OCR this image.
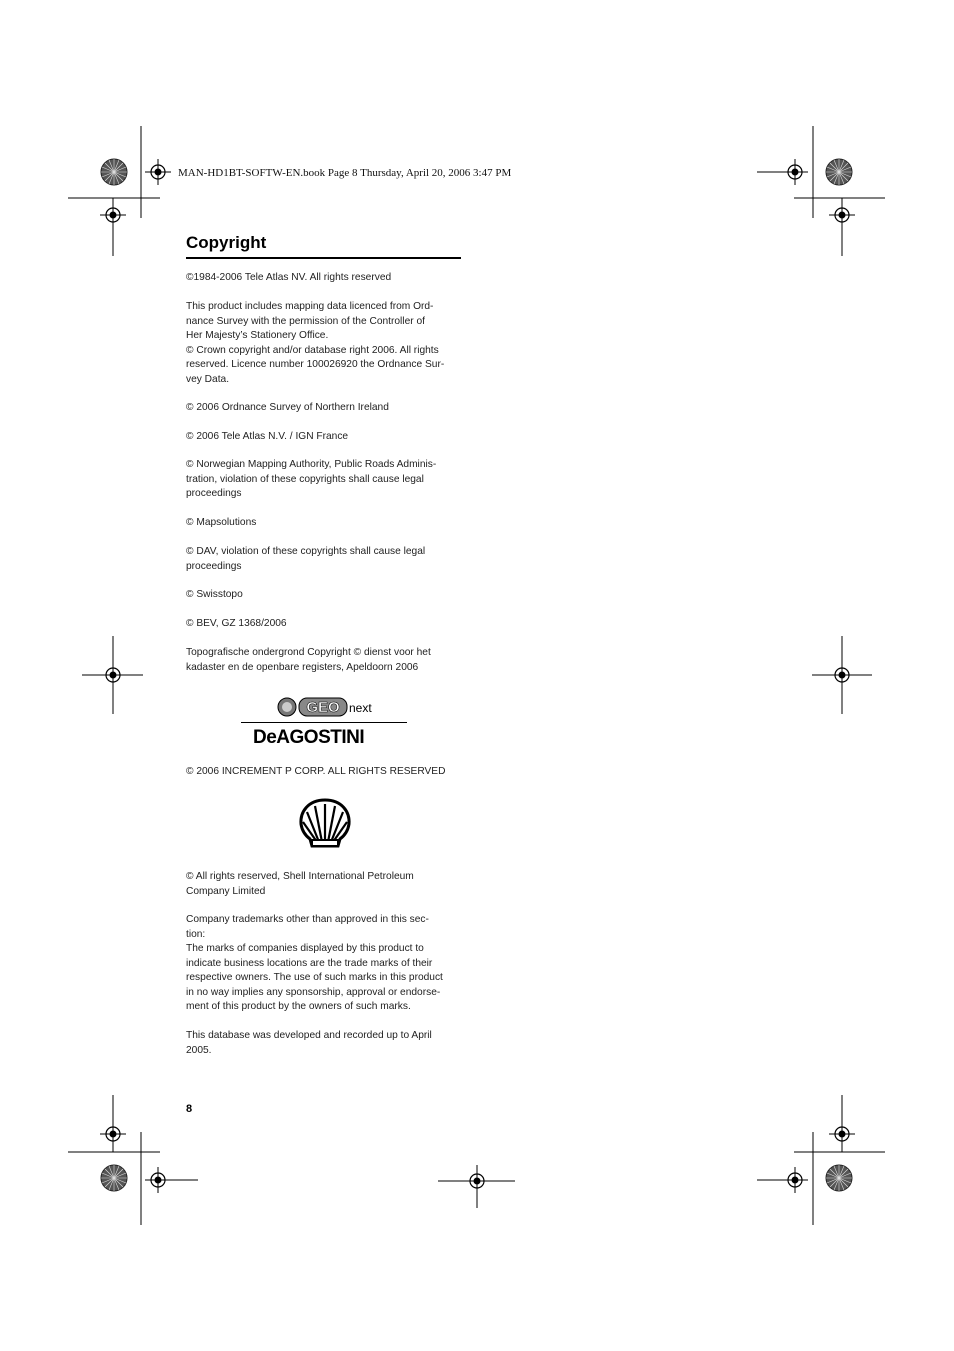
MAN-HD1BT-SOFTW-EN.book Page 8 Thursday, April 20, 2006 3:47 PM
Copyright

©1984-2006 Tele Atlas NV. All rights reserved

This product includes mapping data licenced from Ord-
nance Survey with the permission of the Controller of
Her Majesty’s Stationery Office.
© Crown copyright and/or database right 2006. All rights
reserved. Licence number 100026920 the Ordnance Sur-
vey Data.

© 2006 Ordnance Survey of Northern Ireland

© 2006 Tele Atlas N.V. / IGN France

© Norwegian Mapping Authority, Public Roads Adminis-
tration, violation of these copyrights shall cause legal
proceedings

© Mapsolutions

© DAV, violation of these copyrights shall cause legal
proceedings

© Swisstopo

© BEV, GZ 1368/2006

Topografische ondergrond Copyright © dienst voor het
kadaster en de openbare registers, Apeldoorn 2006

GEO next
DeAGOSTINI

© 2006 INCREMENT P CORP. ALL RIGHTS RESERVED

© All rights reserved, Shell International Petroleum
Company Limited

Company trademarks other than approved in this sec-
tion:
The marks of companies displayed by this product to
indicate business locations are the trade marks of their
respective owners. The use of such marks in this product
in no way implies any sponsorship, approval or endorse-
ment of this product by the owners of such marks.

This database was developed and recorded up to April
2005.

8
